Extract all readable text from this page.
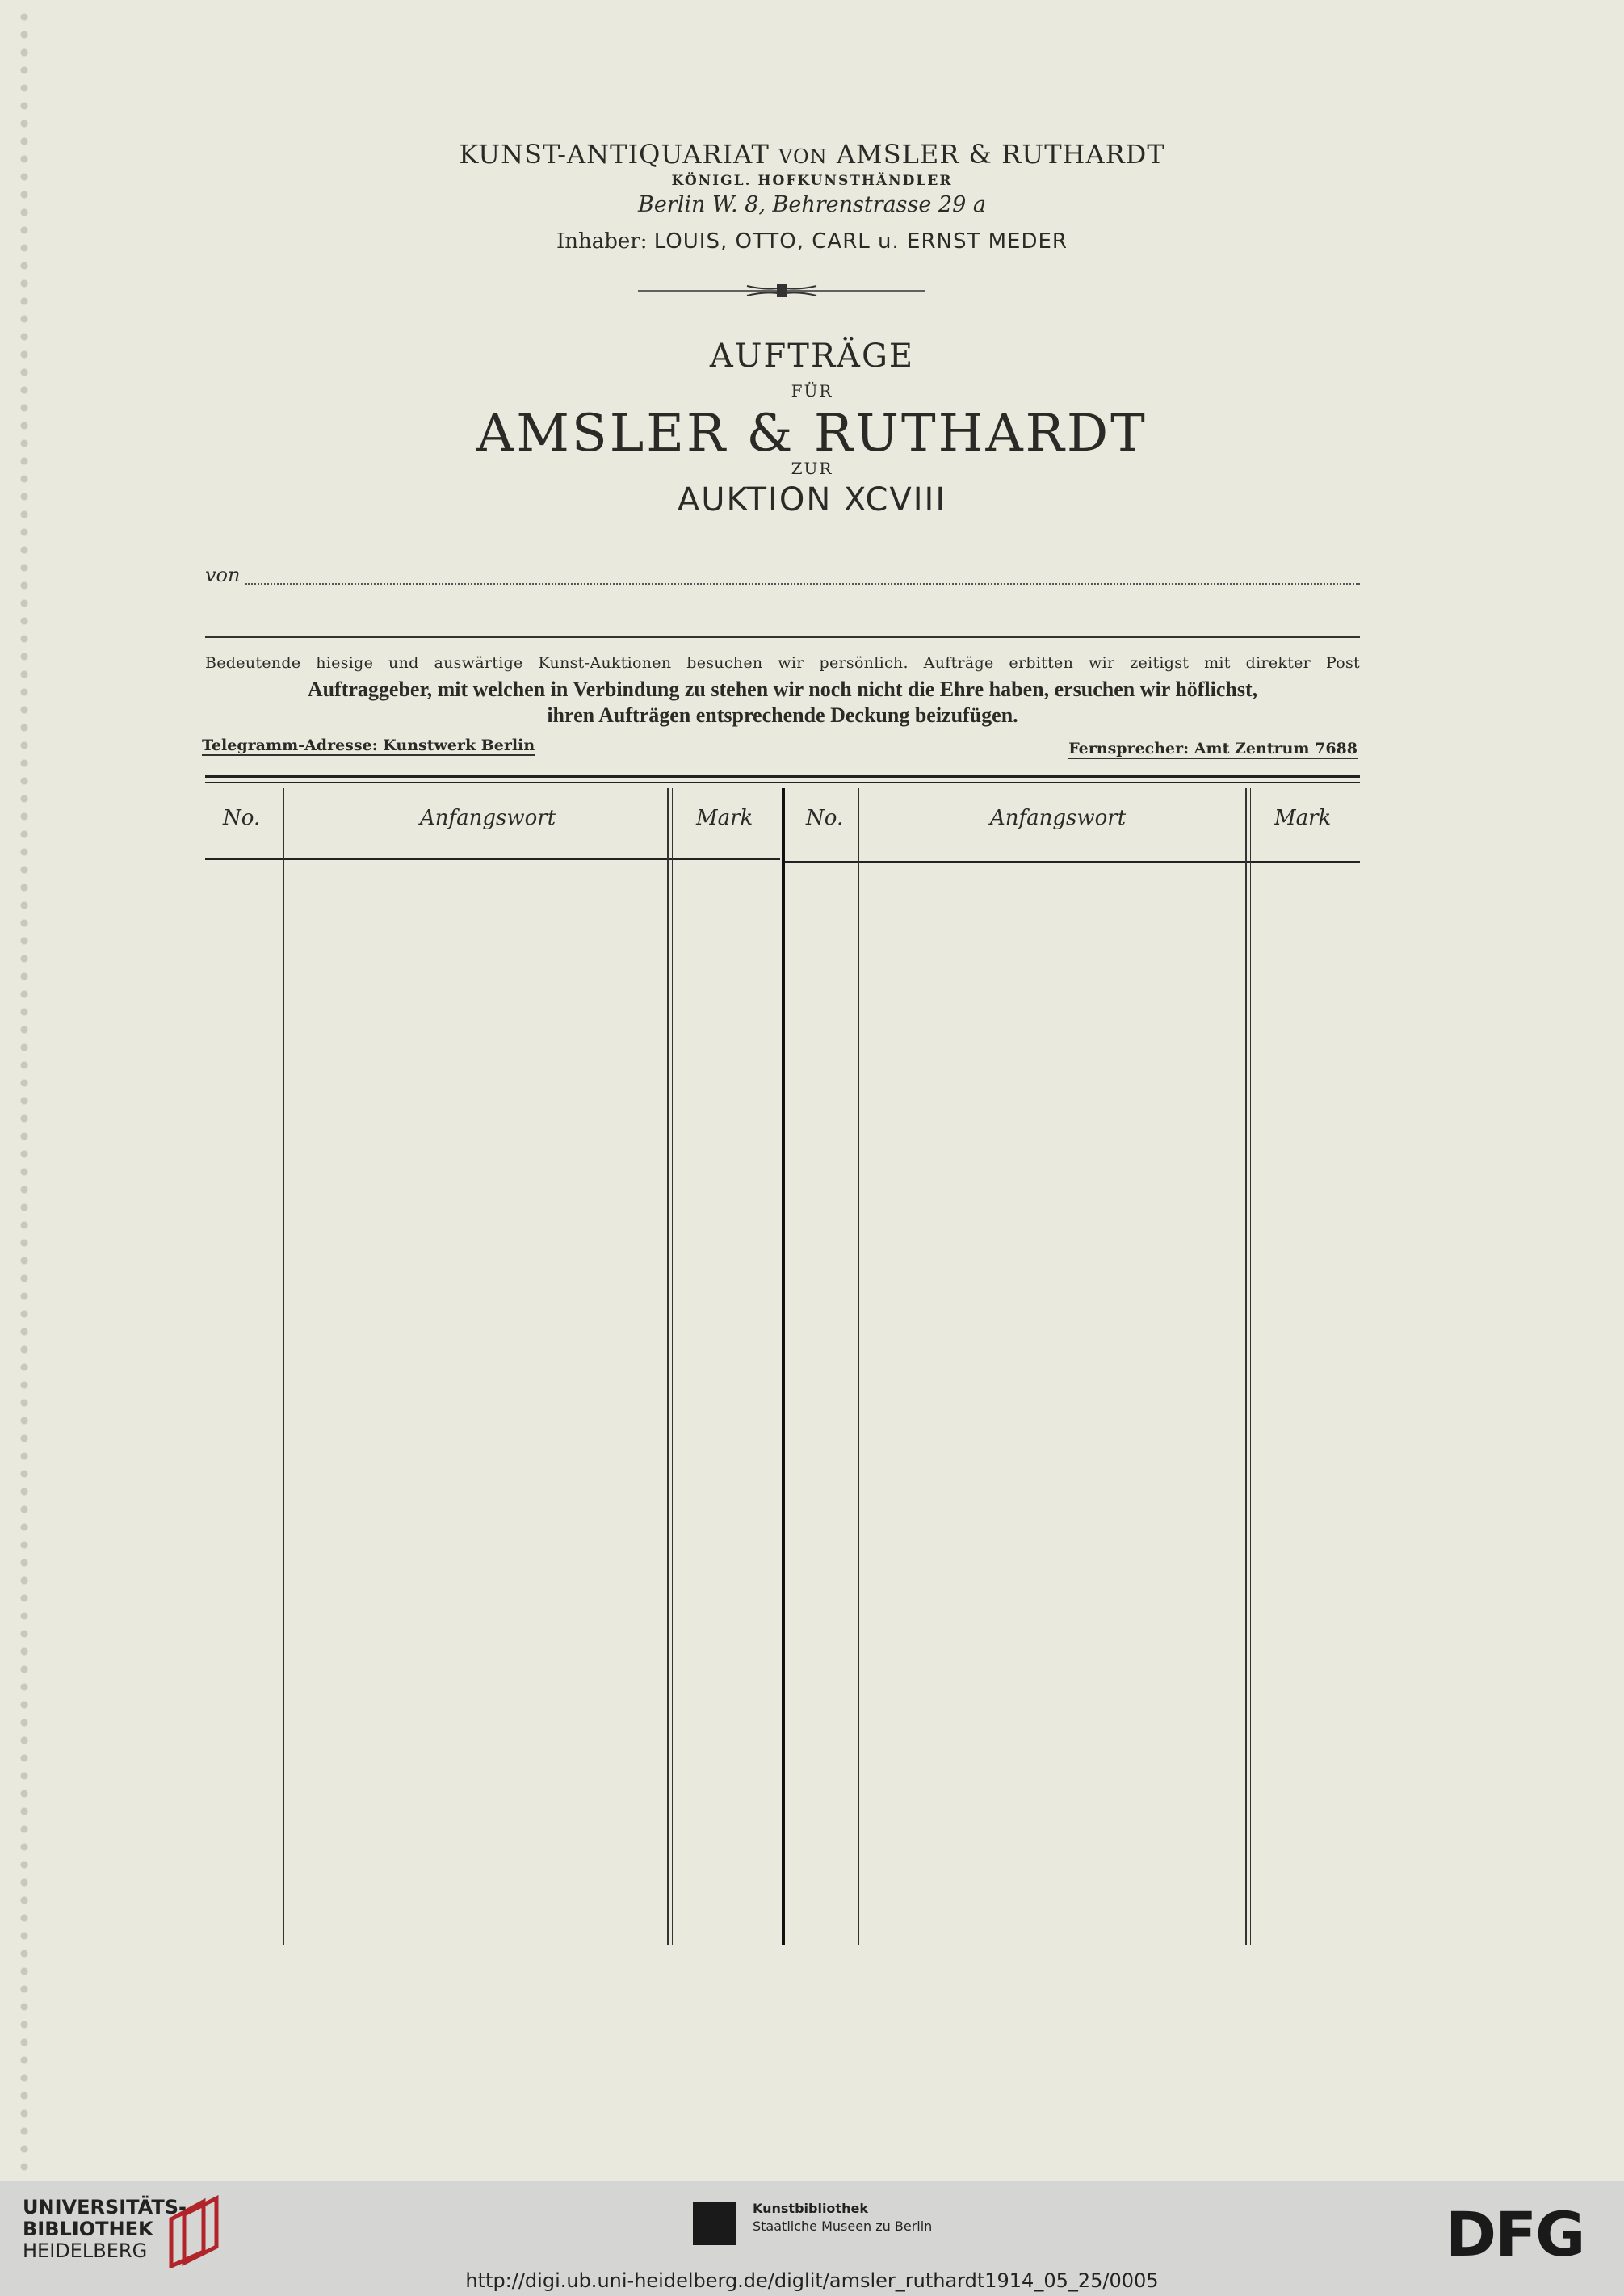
KUNST-ANTIQUARIAT VON AMSLER & RUTHARDT
KÖNIGL. HOFKUNSTHÄNDLER
Berlin W. 8, Behrenstrasse 29 a
Inhaber: LOUIS, OTTO, CARL u. ERNST MEDER
AUFTRÄGE
FÜR
AMSLER & RUTHARDT
ZUR
AUKTION XCVIII
von
Bedeutende hiesige und auswärtige Kunst-Auktionen besuchen wir persönlich. Aufträge erbitten wir zeitigst mit direkter Post
Auftraggeber, mit welchen in Verbindung zu stehen wir noch nicht die Ehre haben, ersuchen wir höflichst,
ihren Aufträgen entsprechende Deckung beizufügen.
Telegramm-Adresse: Kunstwerk Berlin	Fernsprecher: Amt Zentrum 7688
No.	Anfangswort	Mark	No.	Anfangswort	Mark
UNIVERSITÄTS-
BIBLIOTHEK
HEIDELBERG
Kunstbibliothek
Staatliche Museen zu Berlin	DFG
http://digi.ub.uni-heidelberg.de/diglit/amsler_ruthardt1914_05_25/0005
